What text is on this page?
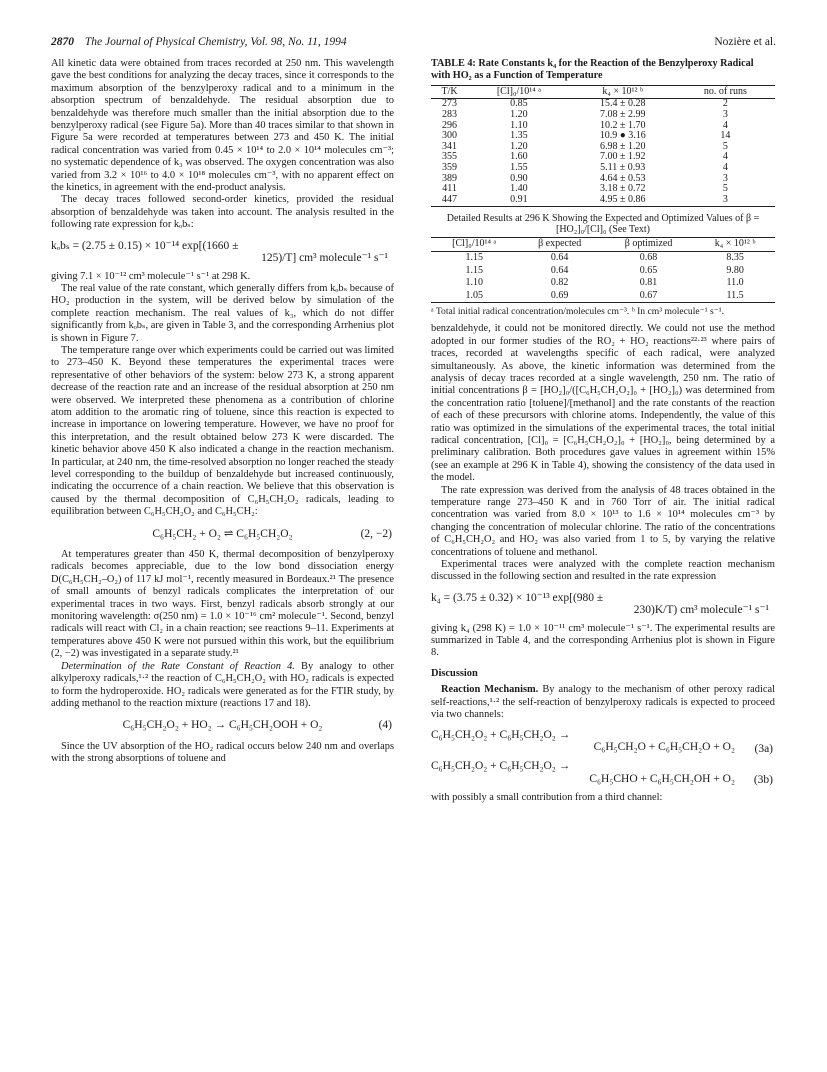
2870 The Journal of Physical Chemistry, Vol. 98, No. 11, 1994	Nozière et al.

All kinetic data were obtained from traces recorded at 250 nm. This wavelength gave the best conditions for analyzing the decay traces, since it corresponds to the maximum absorption of the benzylperoxy radical and to a minimum in the absorption spectrum of benzaldehyde. The residual absorption due to benzaldehyde was therefore much smaller than the initial absorption due to the benzylperoxy radical (see Figure 5a). More than 40 traces similar to that shown in Figure 5a were recorded at temperatures between 273 and 450 K. The initial radical concentration was varied from 0.45 × 10¹⁴ to 2.0 × 10¹⁴ molecules cm⁻³; no systematic dependence of k₃ was observed. The oxygen concentration was also varied from 3.2 × 10¹⁶ to 4.0 × 10¹⁸ molecules cm⁻³, with no apparent effect on the kinetics, in agreement with the end-product analysis.

The decay traces followed second-order kinetics, provided the residual absorption of benzaldehyde was taken into account. The analysis resulted in the following rate expression for kₒbₛ:

kₒbₛ = (2.75 ± 0.15) × 10⁻¹⁴ exp[(1660 ±
125)/T] cm³ molecule⁻¹ s⁻¹

giving 7.1 × 10⁻¹² cm³ molecule⁻¹ s⁻¹ at 298 K.

The real value of the rate constant, which generally differs from kₒbₛ because of HO₂ production in the system, will be derived below by simulation of the complete reaction mechanism. The real values of k₃, which do not differ significantly from kₒbₛ, are given in Table 3, and the corresponding Arrhenius plot is shown in Figure 7.

The temperature range over which experiments could be carried out was limited to 273–450 K. Beyond these temperatures the experimental traces were representative of other behaviors of the system: below 273 K, a strong apparent decrease of the reaction rate and an increase of the residual absorption at 250 nm were observed. We interpreted these phenomena as a contribution of chlorine atom addition to the aromatic ring of toluene, since this reaction is expected to increase in importance on lowering temperature. However, we have no proof for this interpretation, and the result obtained below 273 K were discarded. The kinetic behavior above 450 K also indicated a change in the reaction mechanism. In particular, at 240 nm, the time-resolved absorption no longer reached the steady level corresponding to the buildup of benzaldehyde but increased continuously, indicating the occurrence of a chain reaction. We believe that this observation is caused by the thermal decomposition of C₆H₅CH₂O₂ radicals, leading to equilibration between C₆H₅CH₂O₂ and C₆H₅CH₂:

C₆H₅CH₂ + O₂ ⇌ C₆H₅CH₂O₂	(2, −2)

At temperatures greater than 450 K, thermal decomposition of benzylperoxy radicals becomes appreciable, due to the low bond dissociation energy D(C₆H₅CH₂–O₂) of 117 kJ mol⁻¹, recently measured in Bordeaux.²¹ The presence of small amounts of benzyl radicals complicates the interpretation of our experimental traces in two ways. First, benzyl radicals absorb strongly at our monitoring wavelength: σ(250 nm) = 1.0 × 10⁻¹⁶ cm² molecule⁻¹. Second, benzyl radicals will react with Cl₂ in a chain reaction; see reactions 9–11. Experiments at temperatures above 450 K were not pursued within this work, but the equilibrium (2, −2) was investigated in a separate study.²¹

Determination of the Rate Constant of Reaction 4. By analogy to other alkylperoxy radicals,¹·² the reaction of C₆H₅CH₂O₂ with HO₂ radicals is expected to form the hydroperoxide. HO₂ radicals were generated as for the FTIR study, by adding methanol to the reaction mixture (reactions 17 and 18).

C₆H₅CH₂O₂ + HO₂ → C₆H₅CH₂OOH + O₂	(4)

Since the UV absorption of the HO₂ radical occurs below 240 nm and overlaps with the strong absorptions of toluene and

TABLE 4: Rate Constants k₄ for the Reaction of the Benzylperoxy Radical with HO₂ as a Function of Temperature
T/K	[Cl]₀/10¹⁴ ᵃ	k₄ × 10¹² ᵇ	no. of runs
273	0.85	15.4 ± 0.28	2
283	1.20	7.08 ± 2.99	3
296	1.10	10.2 ± 1.70	4
300	1.35	10.9 ● 3.16	14
341	1.20	6.98 ± 1.20	5
355	1.60	7.00 ± 1.92	4
359	1.55	5.11 ± 0.93	4
389	0.90	4.64 ± 0.53	3
411	1.40	3.18 ± 0.72	5
447	0.91	4.95 ± 0.86	3
Detailed Results at 296 K Showing the Expected and Optimized Values of β = [HO₂]₀/[Cl]₀ (See Text)
[Cl]₀/10¹⁴ ᵃ	β expected	β optimized	k₄ × 10¹² ᵇ
1.15	0.64	0.68	8.35
1.15	0.64	0.65	9.80
1.10	0.82	0.81	11.0
1.05	0.69	0.67	11.5
ᵃ Total initial radical concentration/molecules cm⁻³. ᵇ In cm³ molecule⁻¹ s⁻¹.

benzaldehyde, it could not be monitored directly. We could not use the method adopted in our former studies of the RO₂ + HO₂ reactions²²·²³ where pairs of traces, recorded at wavelengths specific of each radical, were analyzed simultaneously. As above, the kinetic information was determined from the analysis of decay traces recorded at a single wavelength, 250 nm. The ratio of initial concentrations β = [HO₂]₀/([C₆H₅CH₂O₂]₀ + [HO₂]₀) was determined from the concentration ratio [toluene]/[methanol] and the rate constants of the reaction of each of these precursors with chlorine atoms. Independently, the value of this ratio was optimized in the simulations of the experimental traces, the total initial radical concentration, [Cl]₀ = [C₆H₅CH₂O₂]₀ + [HO₂]₀, being determined by a preliminary calibration. Both procedures gave values in agreement within 15% (see an example at 296 K in Table 4), showing the consistency of the data used in the model.

The rate expression was derived from the analysis of 48 traces obtained in the temperature range 273–450 K and in 760 Torr of air. The initial radical concentration was varied from 8.0 × 10¹³ to 1.6 × 10¹⁴ molecules cm⁻³ by changing the concentration of molecular chlorine. The ratio of the concentrations of C₆H₅CH₂O₂ and HO₂ was also varied from 1 to 5, by varying the relative concentrations of toluene and methanol.

Experimental traces were analyzed with the complete reaction mechanism discussed in the following section and resulted in the rate expression

k₄ = (3.75 ± 0.32) × 10⁻¹³ exp[(980 ±
230)K/T) cm³ molecule⁻¹ s⁻¹

giving k₄ (298 K) = 1.0 × 10⁻¹¹ cm³ molecule⁻¹ s⁻¹. The experimental results are summarized in Table 4, and the corresponding Arrhenius plot is shown in Figure 8.

Discussion

Reaction Mechanism. By analogy to the mechanism of other peroxy radical self-reactions,¹·² the self-reaction of benzylperoxy radicals is expected to proceed via two channels:

C₆H₅CH₂O₂ + C₆H₅CH₂O₂ →
C₆H₅CH₂O + C₆H₅CH₂O + O₂	(3a)
C₆H₅CH₂O₂ + C₆H₅CH₂O₂ →
C₆H₅CHO + C₆H₅CH₂OH + O₂	(3b)

with possibly a small contribution from a third channel:
